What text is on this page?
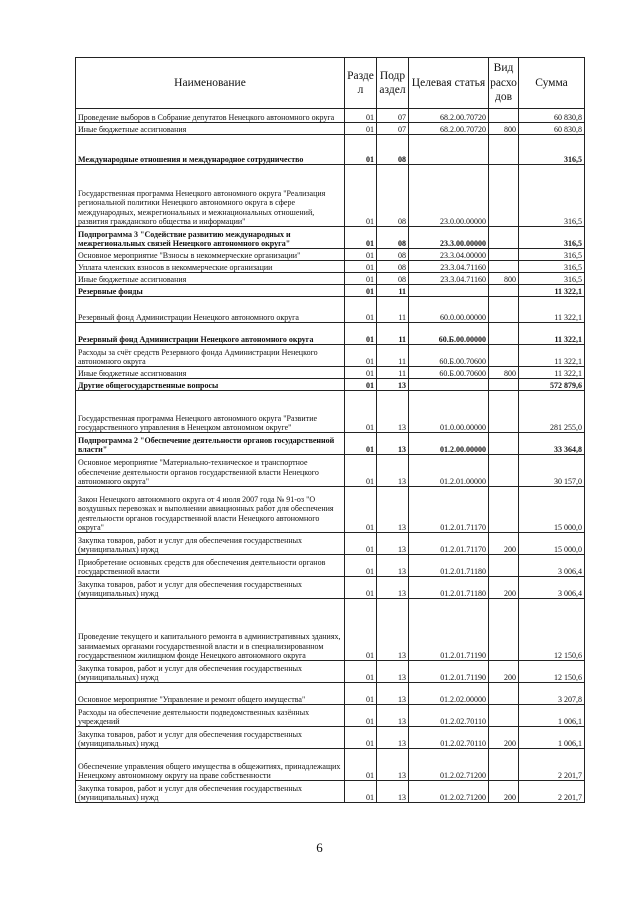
Наименование	Разде л	Подр аздел	Целевая статья	Вид расхо дов	Сумма
Проведение выборов в Собрание депутатов Ненецкого автономного округа	01	07	68.2.00.70720		60 830,8
Иные бюджетные ассигнования	01	07	68.2.00.70720	800	60 830,8
Международные отношения и международное сотрудничество	01	08			316,5
Государственная программа Ненецкого автономного округа "Реализация региональной политики Ненецкого автономного округа в сфере международных, межрегиональных и межнациональных отношений, развития гражданского общества и информации"	01	08	23.0.00.00000		316,5
Подпрограмма 3 "Содействие развитию международных и межрегиональных связей Ненецкого автономного округа"	01	08	23.3.00.00000		316,5
Основное мероприятие "Взносы в некоммерческие организации"	01	08	23.3.04.00000		316,5
Уплата членских взносов в некоммерческие организации	01	08	23.3.04.71160		316,5
Иные бюджетные ассигнования	01	08	23.3.04.71160	800	316,5
Резервные фонды	01	11			11 322,1
Резервный фонд Администрации Ненецкого автономного округа	01	11	60.0.00.00000		11 322,1
Резервный фонд Администрации Ненецкого автономного округа	01	11	60.Б.00.00000		11 322,1
Расходы за счёт средств Резервного фонда Администрации Ненецкого автономного округа	01	11	60.Б.00.70600		11 322,1
Иные бюджетные ассигнования	01	11	60.Б.00.70600	800	11 322,1
Другие общегосударственные вопросы	01	13			572 879,6
Государственная программа Ненецкого автономного округа "Развитие государственного управления в Ненецком автономном округе"	01	13	01.0.00.00000		281 255,0
Подпрограмма 2 "Обеспечение деятельности органов государственной власти"	01	13	01.2.00.00000		33 364,8
Основное мероприятие "Материально-техническое и транспортное обеспечение деятельности органов государственной власти Ненецкого автономного округа"	01	13	01.2.01.00000		30 157,0
Закон Ненецкого автономного округа от 4 июля 2007 года № 91-оз "О воздушных перевозках и выполнении авиационных работ для обеспечения деятельности органов государственной власти Ненецкого автономного округа"	01	13	01.2.01.71170		15 000,0
Закупка товаров, работ и услуг для обеспечения государственных (муниципальных) нужд	01	13	01.2.01.71170	200	15 000,0
Приобретение основных средств для обеспечения деятельности органов государственной власти	01	13	01.2.01.71180		3 006,4
Закупка товаров, работ и услуг для обеспечения государственных (муниципальных) нужд	01	13	01.2.01.71180	200	3 006,4
Проведение текущего и капитального ремонта в административных зданиях, занимаемых органами государственной власти и в специализированном государственном жилищном фонде Ненецкого автономного округа	01	13	01.2.01.71190		12 150,6
Закупка товаров, работ и услуг для обеспечения государственных (муниципальных) нужд	01	13	01.2.01.71190	200	12 150,6
Основное мероприятие "Управление и ремонт общего имущества"	01	13	01.2.02.00000		3 207,8
Расходы на обеспечение деятельности подведомственных казённых учреждений	01	13	01.2.02.70110		1 006,1
Закупка товаров, работ и услуг для обеспечения государственных (муниципальных) нужд	01	13	01.2.02.70110	200	1 006,1
Обеспечение управления общего имущества в общежитиях, принадлежащих Ненецкому автономному округу на праве собственности	01	13	01.2.02.71200		2 201,7
Закупка товаров, работ и услуг для обеспечения государственных (муниципальных) нужд	01	13	01.2.02.71200	200	2 201,7
6
